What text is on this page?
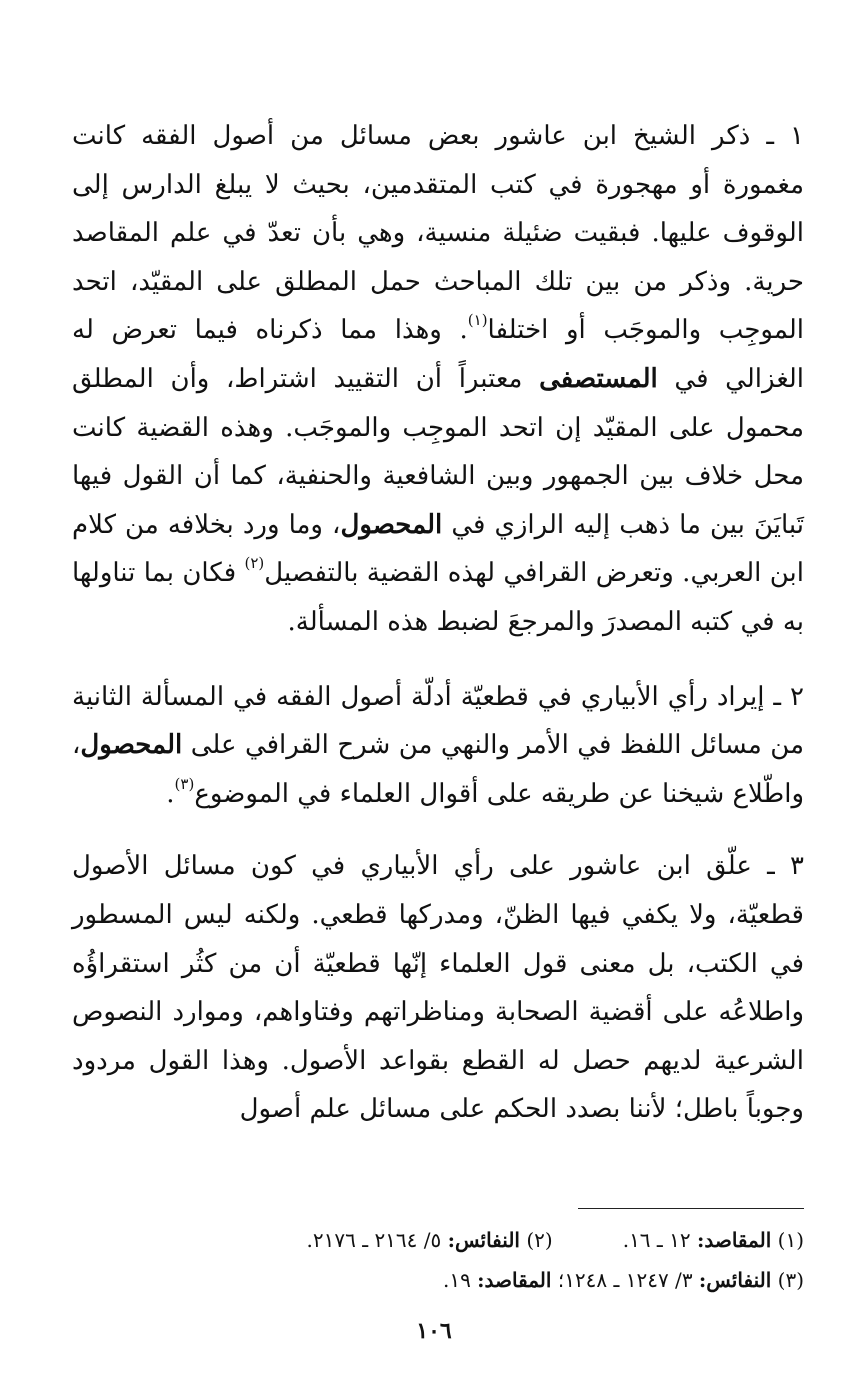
١ ـ ذكر الشيخ ابن عاشور بعض مسائل من أصول الفقه كانت مغمورة أو مهجورة في كتب المتقدمين، بحيث لا يبلغ الدارس إلى الوقوف عليها. فبقيت ضئيلة منسية، وهي بأن تعدّ في علم المقاصد حرية. وذكر من بين تلك المباحث حمل المطلق على المقيّد، اتحد الموجِب والموجَب أو اختلفا$^{(١)}$. وهذا مما ذكرناه فيما تعرض له الغزالي في المستصفى معتبراً أن التقييد اشتراط، وأن المطلق محمول على المقيّد إن اتحد الموجِب والموجَب. وهذه القضية كانت محل خلاف بين الجمهور وبين الشافعية والحنفية، كما أن القول فيها تَبايَنَ بين ما ذهب إليه الرازي في المحصول، وما ورد بخلافه من كلام ابن العربي. وتعرض القرافي لهذه القضية بالتفصيل$^{(٢)}$ فكان بما تناولها به في كتبه المصدرَ والمرجعَ لضبط هذه المسألة.

٢ ـ إيراد رأي الأبياري في قطعيّة أدلّة أصول الفقه في المسألة الثانية من مسائل اللفظ في الأمر والنهي من شرح القرافي على المحصول، واطّلاع شيخنا عن طريقه على أقوال العلماء في الموضوع$^{(٣)}$.

٣ ـ علّق ابن عاشور على رأي الأبياري في كون مسائل الأصول قطعيّة، ولا يكفي فيها الظنّ، ومدركها قطعي. ولكنه ليس المسطور في الكتب، بل معنى قول العلماء إنّها قطعيّة أن من كثُر استقراؤُه واطلاعُه على أقضية الصحابة ومناظراتهم وفتاواهم، وموارد النصوص الشرعية لديهم حصل له القطع بقواعد الأصول. وهذا القول مردود وجوباً باطل؛ لأننا بصدد الحكم على مسائل علم أصول

(١) المقاصد: ١٢ ـ ١٦.
(٢) النفائس: ٥/ ٢١٦٤ ـ ٢١٧٦.
(٣) النفائس: ٣/ ١٢٤٧ ـ ١٢٤٨؛ المقاصد: ١٩.
١٠٦
